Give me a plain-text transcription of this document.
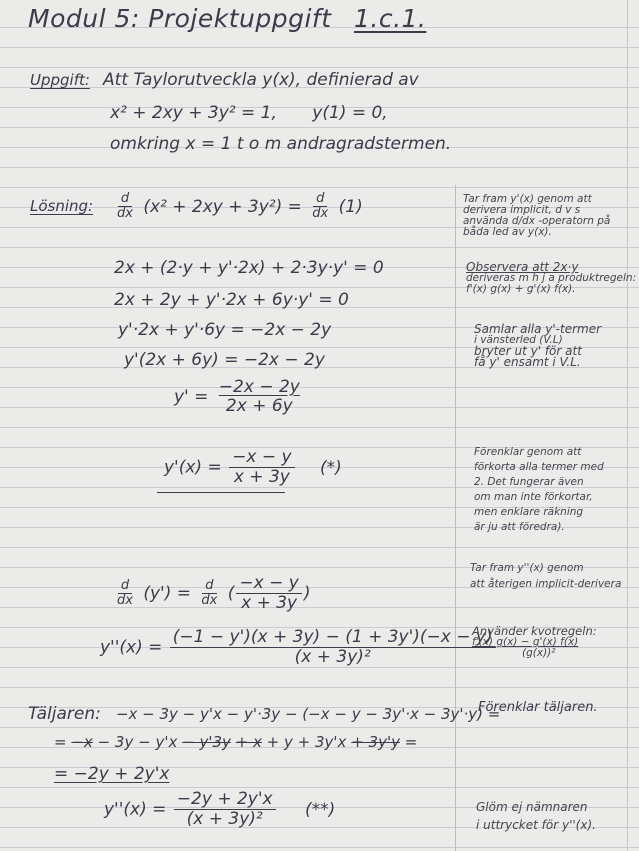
Modul 5: Projektuppgift 1.c.1.
Uppgift: Att Taylorutveckla y(x), definierad av
x² + 2xy + 3y² = 1, y(1) = 0,
omkring x = 1 t o m andragradstermen.
Lösning: $\frac{d}{dx} (x^2 + 2xy + 3y^2) = \frac{d}{dx} (1)$
2x + (2·y + y'·2x) + 2·3y·y' = 0
2x + 2y + y'·2x + 6y·y' = 0
y'·2x + y'·6y = −2x − 2y
y'(2x + 6y) = −2x − 2y
$y' = \frac{-2x - 2y}{2x + 6y}$
$y'(x) = \frac{-x - y}{x + 3y}$ (*)
$\frac{d}{dx} (y') = \frac{d}{dx}$ ( $\frac{-x - y}{x + 3y}$ )
$y''(x) = \frac{(-1 - y')(x + 3y) - (1 + 3y')(-x - y)}{\text{(x + 3y)²}}$
Täljaren: −x − 3y − y'x − y'·3y − (−x − y − 3y'·x − 3y'·y) =
= −x − 3y − y'x − y'3y + x + y + 3y'x + 3y'y =
= −2y + 2y'x
$y''(x) = \frac{-2y + 2y'x}{\text{(x + 3y)²}}$ (**)

Tar fram y'(x) genom att

derivera implicit, d v s

använda d/dx -operatorn på

båda led av y(x).

Observera att 2x·y

deriveras m h j a produktregeln:

f'(x) g(x) + g'(x) f(x).

Samlar alla y'-termer

i vänsterled (V.L)

bryter ut y' för att

få y' ensamt i V.L.

Förenklar genom att

förkorta alla termer med

2. Det fungerar även

om man inte förkortar,

men enklare räkning

är ju att föredra).

Tar fram y''(x) genom

att återigen implicit-derivera

Använder kvotregeln:

f'(x) g(x) − g'(x) f(x)

(g(x))²

Förenklar täljaren.

Glöm ej nämnaren

i uttrycket för y''(x).
